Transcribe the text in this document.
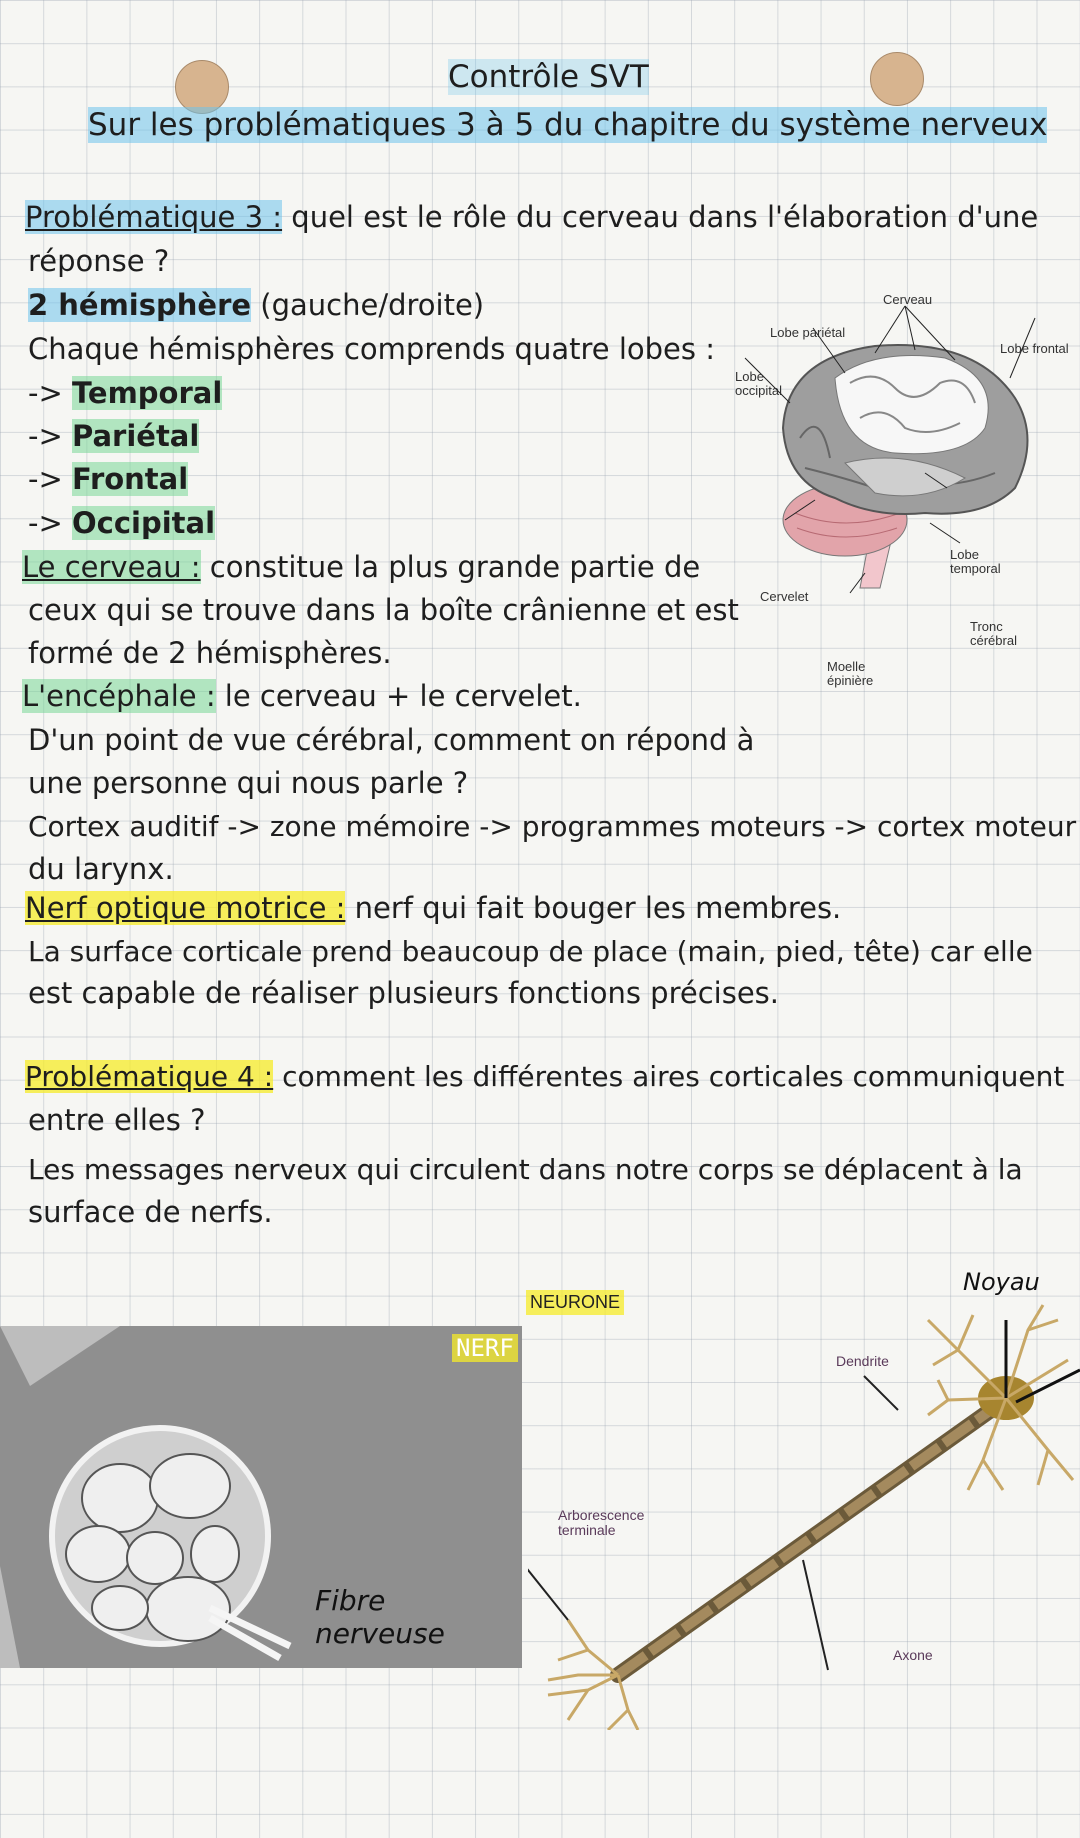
Contrôle SVT
Sur les problématiques 3 à 5 du chapitre du système nerveux
Problématique 3 : quel est le rôle du cerveau dans l'élaboration d'une
réponse ?
2 hémisphère (gauche/droite)
Chaque hémisphères comprends quatre lobes :
-> Temporal
-> Pariétal
-> Frontal
-> Occipital
Le cerveau : constitue la plus grande partie de
ceux qui se trouve dans la boîte crânienne et est
formé de 2 hémisphères.
L'encéphale : le cerveau + le cervelet.
D'un point de vue cérébral, comment on répond à
une personne qui nous parle ?
Cortex auditif -> zone mémoire -> programmes moteurs -> cortex moteur
du larynx.
Nerf optique motrice : nerf qui fait bouger les membres.
La surface corticale prend beaucoup de place (main, pied, tête) car elle
est capable de réaliser plusieurs fonctions précises.
Problématique 4 : comment les différentes aires corticales communiquent
entre elles ?
Les messages nerveux qui circulent dans notre corps se déplacent à la
surface de nerfs.
Cerveau
Lobe pariétal
Lobe frontal
Lobe
occipital
Lobe
temporal
Cervelet
Tronc
cérébral
Moelle
épinière
NERF
Fibre nerveuse
NEURONE
Noyau
Dendrite
Arborescence
terminale
Axone
